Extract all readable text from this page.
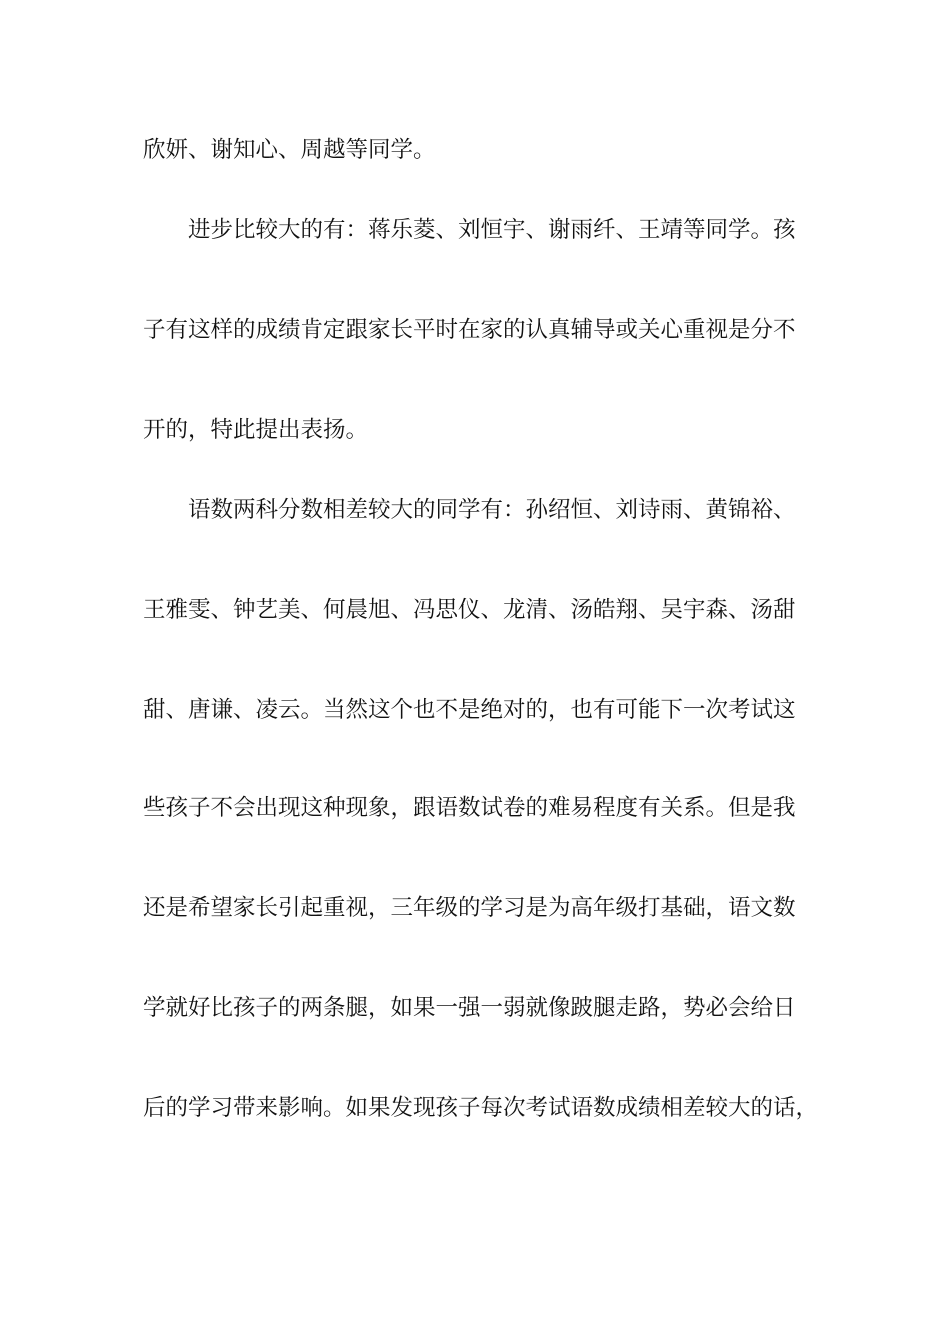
欣妍、谢知心、周越等同学。

进步比较大的有：蒋乐菱、刘恒宇、谢雨纤、王靖等同学。孩

子有这样的成绩肯定跟家长平时在家的认真辅导或关心重视是分不

开的，特此提出表扬。

语数两科分数相差较大的同学有：孙绍恒、刘诗雨、黄锦裕、

王雅雯、钟艺美、何晨旭、冯思仪、龙清、汤皓翔、吴宇森、汤甜

甜、唐谦、凌云。当然这个也不是绝对的，也有可能下一次考试这

些孩子不会出现这种现象，跟语数试卷的难易程度有关系。但是我

还是希望家长引起重视，三年级的学习是为高年级打基础，语文数

学就好比孩子的两条腿，如果一强一弱就像跛腿走路，势必会给日

后的学习带来影响。如果发现孩子每次考试语数成绩相差较大的话，
